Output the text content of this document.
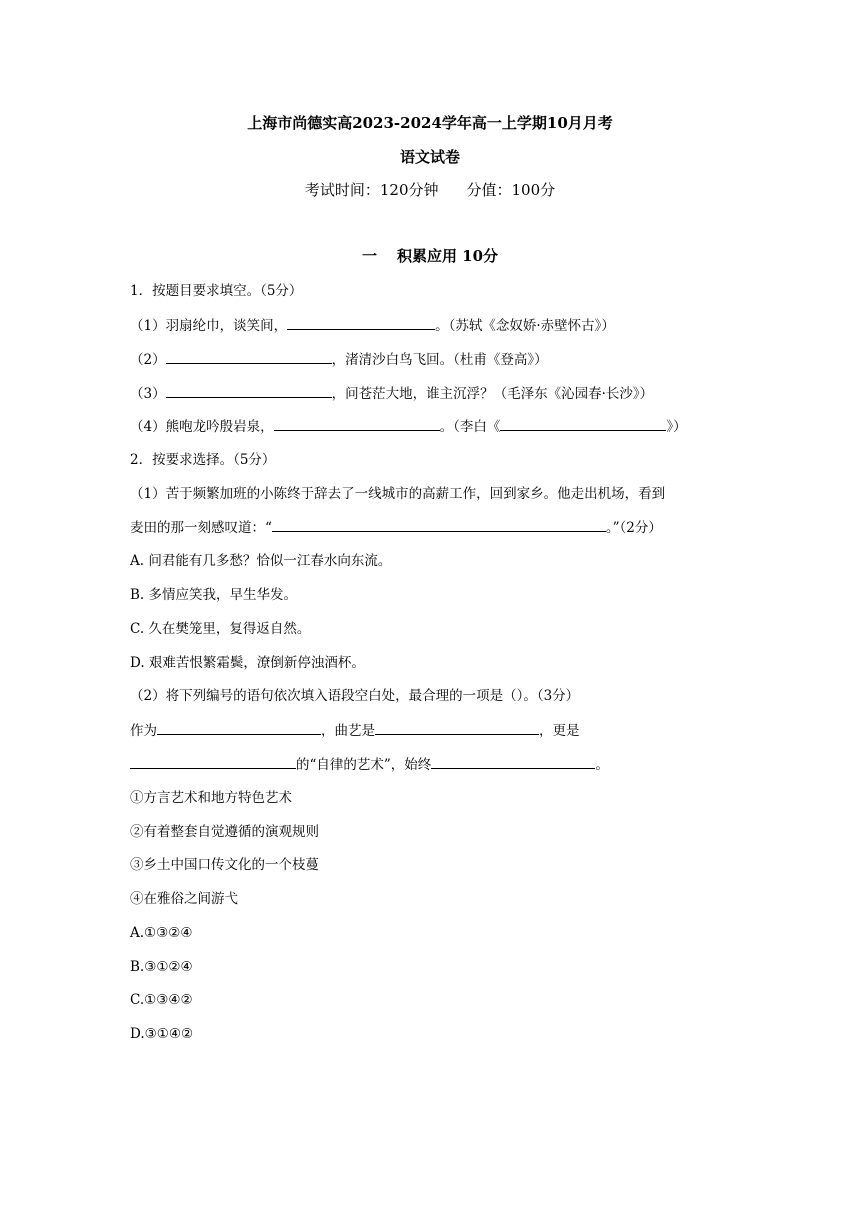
上海市尚德实高2023-2024学年高一上学期10月月考
语文试卷
考试时间：120分钟 分值：100分
一 积累应用 10分
1．按题目要求填空。（5分）
（1）羽扇纶巾，谈笑间，	。（苏轼《念奴娇·赤壁怀古》）
（2）	，渚清沙白鸟飞回。（杜甫《登高》）
（3）	，问苍茫大地，谁主沉浮？（毛泽东《沁园春·长沙》）
（4）熊咆龙吟殷岩泉，	。（李白《	》）
2．按要求选择。（5分）
（1）苦于频繁加班的小陈终于辞去了一线城市的高薪工作，回到家乡。他走出机场，看到
麦田的那一刻感叹道：“	。”（2分）
A. 问君能有几多愁？恰似一江春水向东流。
B. 多情应笑我，早生华发。
C. 久在樊笼里，复得返自然。
D. 艰难苦恨繁霜鬓，潦倒新停浊酒杯。
（2）将下列编号的语句依次填入语段空白处，最合理的一项是（）。（3分）
作为	，曲艺是	，更是
的“自律的艺术”，始终	。
①方言艺术和地方特色艺术
②有着整套自觉遵循的演观规则
③乡土中国口传文化的一个枝蔓
④在雅俗之间游弋
A.①③②④
B.③①②④
C.①③④②
D.③①④②
